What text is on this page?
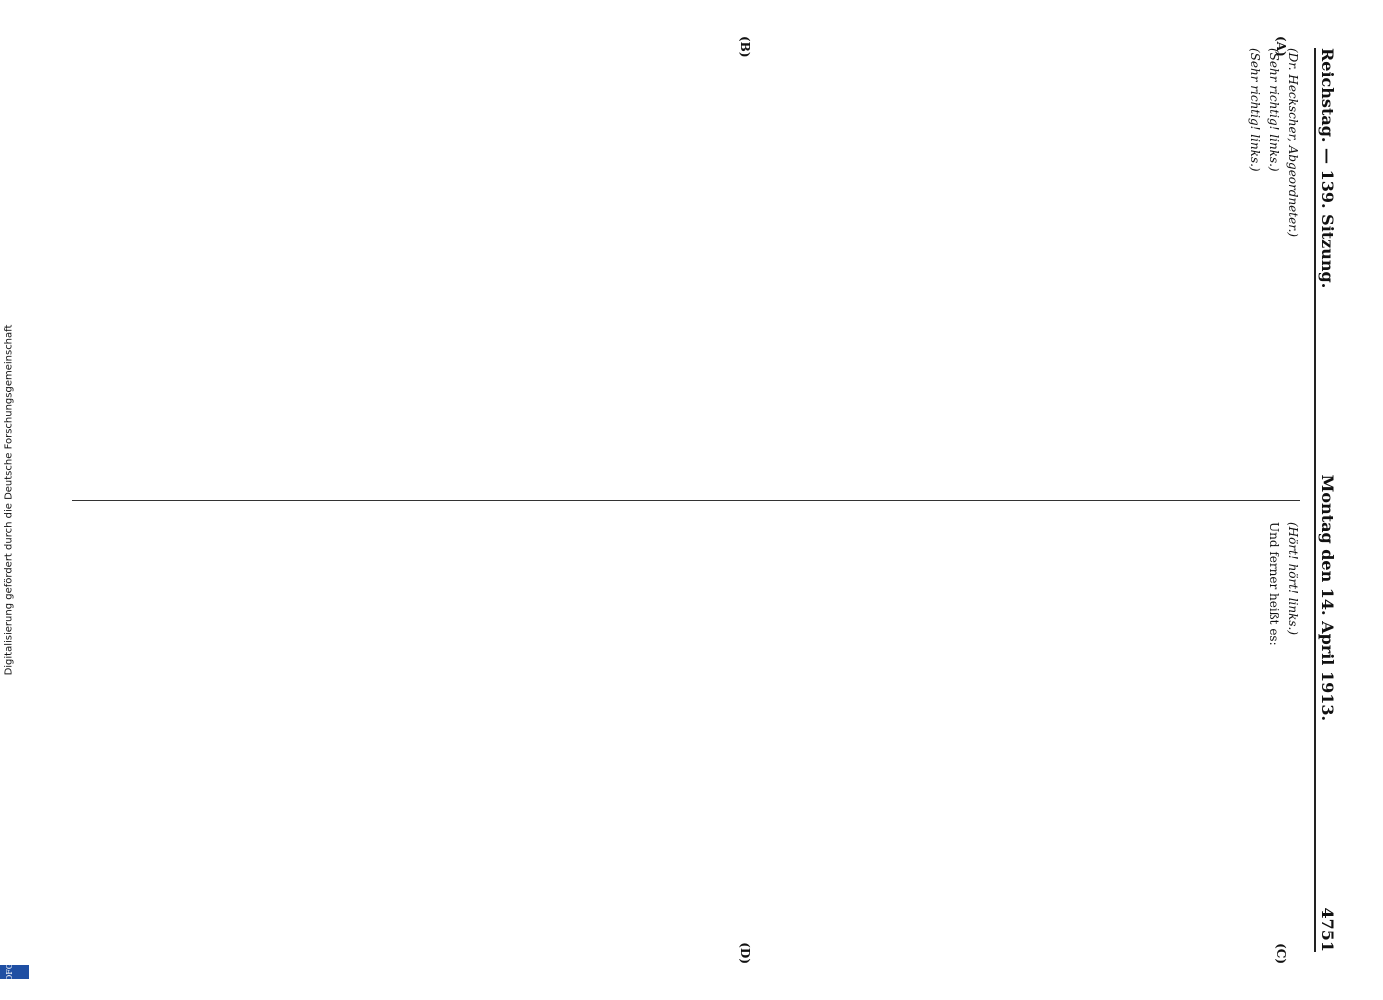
Reichstag. — 139. Sitzung.
Montag den 14. April 1913.
4751
(A)
(B)
(C)
(D)

(Dr. Heckscher, Abgeordneter.)

(Sehr richtig! links.)

(Sehr richtig! links.)

(Hört! hört! links.)

Und ferner heißt es:

Digitalisierung gefördert durch die Deutsche Forschungsgemeinschaft
DFG
